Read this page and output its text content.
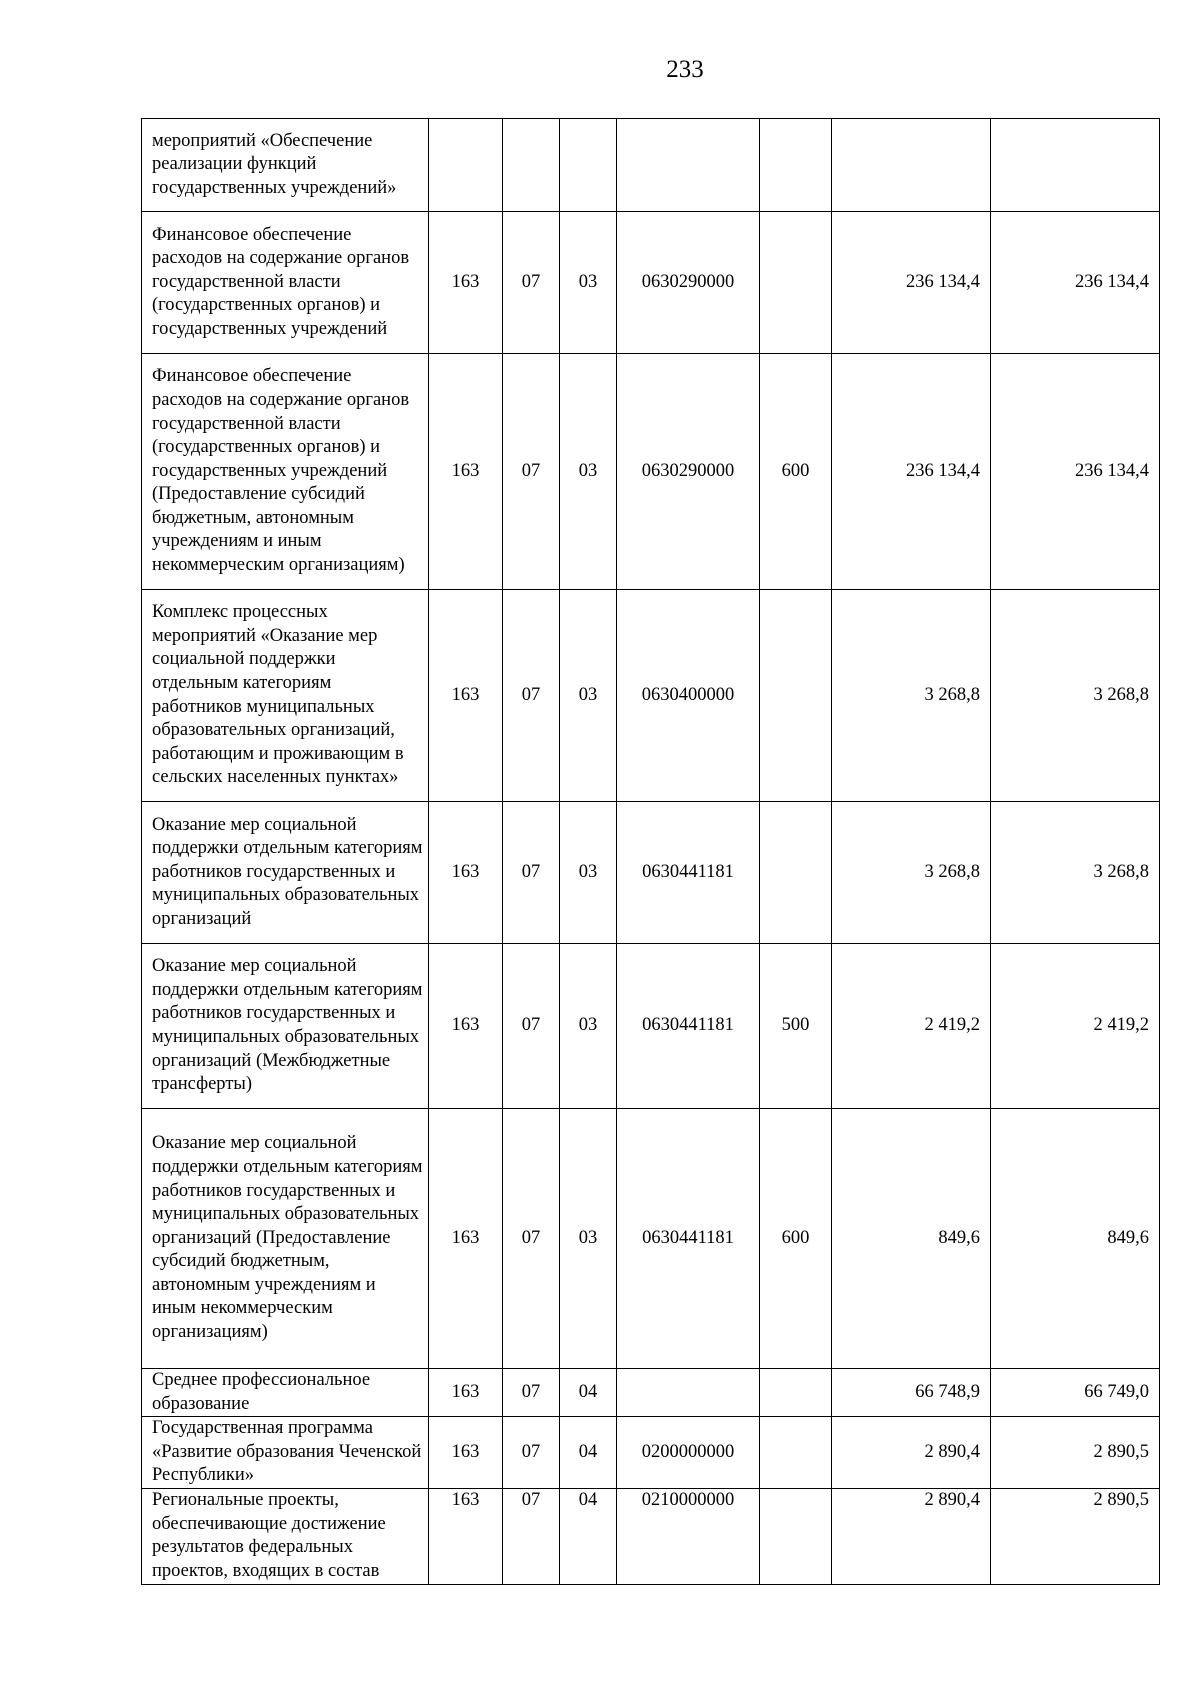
233
мероприятий «Обеспечение реализации функций государственных учреждений»							
Финансовое обеспечение расходов на содержание органов государственной власти (государственных органов) и государственных учреждений	163	07	03	0630290000		236 134,4	236 134,4
Финансовое обеспечение расходов на содержание органов государственной власти (государственных органов) и государственных учреждений (Предоставление субсидий бюджетным, автономным учреждениям и иным некоммерческим организациям)	163	07	03	0630290000	600	236 134,4	236 134,4
Комплекс процессных мероприятий «Оказание мер социальной поддержки отдельным категориям работников муниципальных образовательных организаций, работающим и проживающим в сельских населенных пунктах»	163	07	03	0630400000		3 268,8	3 268,8
Оказание мер социальной поддержки отдельным категориям работников государственных и муниципальных образовательных организаций	163	07	03	0630441181		3 268,8	3 268,8
Оказание мер социальной поддержки отдельным категориям работников государственных и муниципальных образовательных организаций (Межбюджетные трансферты)	163	07	03	0630441181	500	2 419,2	2 419,2
Оказание мер социальной поддержки отдельным категориям работников государственных и муниципальных образовательных организаций (Предоставление субсидий бюджетным, автономным учреждениям и иным некоммерческим организациям)	163	07	03	0630441181	600	849,6	849,6
Среднее профессиональное образование	163	07	04			66 748,9	66 749,0
Государственная программа «Развитие образования Чеченской Республики»	163	07	04	0200000000		2 890,4	2 890,5
Региональные проекты, обеспечивающие достижение результатов федеральных проектов, входящих в состав	163	07	04	0210000000		2 890,4	2 890,5
